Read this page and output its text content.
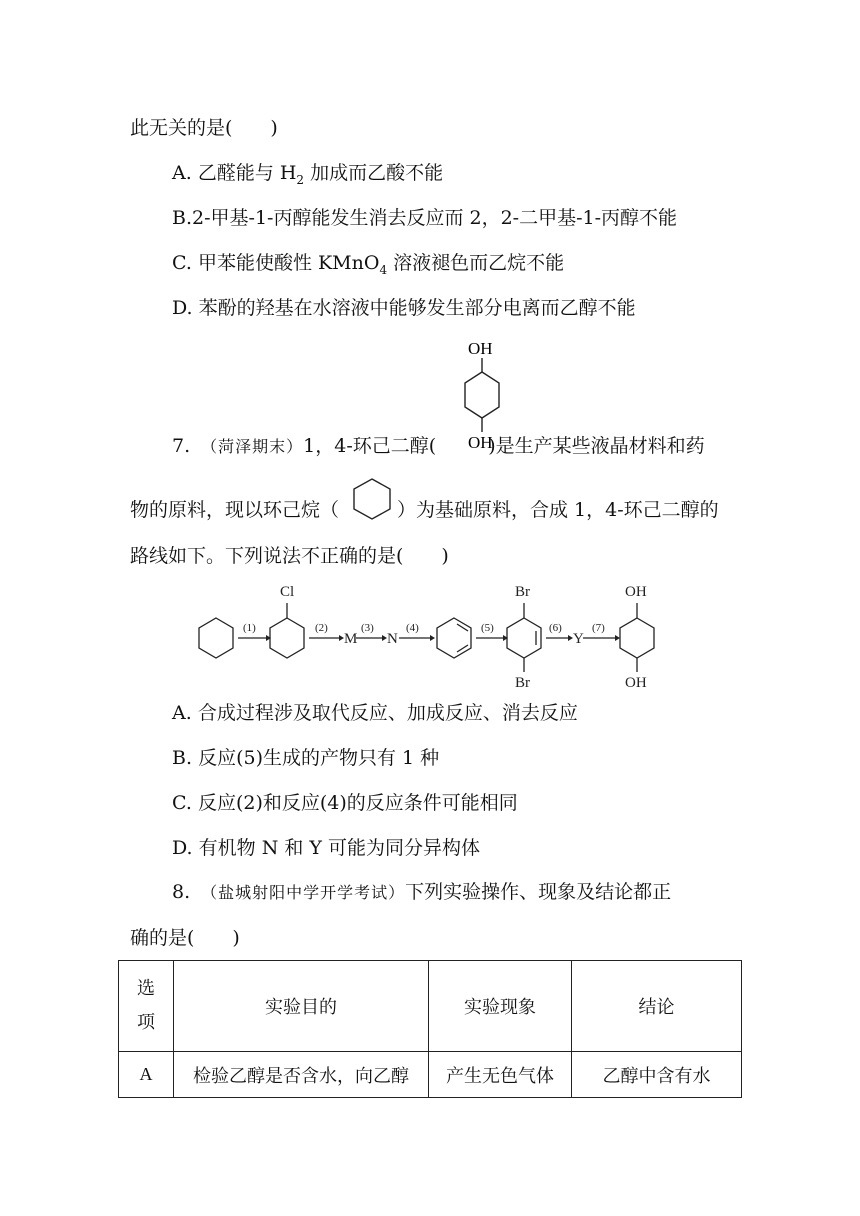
此无关的是(　　)
A. 乙醛能与 $H_2$ 加成而乙酸不能
B.2-甲基-1-丙醇能发生消去反应而 2，2-二甲基-1-丙醇不能
C. 甲苯能使酸性 KMnO$_4$ 溶液褪色而乙烷不能
D. 苯酚的羟基在水溶液中能够发生部分电离而乙醇不能
OH
OH
7.　 （菏泽期末）1，4-环己二醇(	)是生产某些液晶材料和药
物的原料，现以环己烷（	）为基础原料，合成 1，4-环己二醇的
路线如下。下列说法不正确的是(　　)
(1)	(2)	(3)	(4)	(5)	(6)	(7)
Cl
M N
Br
Br
Y
OH
OH
A. 合成过程涉及取代反应、加成反应、消去反应
B. 反应(5)生成的产物只有 1 种
C. 反应(2)和反应(4)的反应条件可能相同
D. 有机物 N 和 Y 可能为同分异构体
8.　 （盐城射阳中学开学考试）下列实验操作、现象及结论都正
确的是(　　)
选
项	实验目的	实验现象	结论
A	检验乙醇是否含水，向乙醇	产生无色气体	乙醇中含有水
